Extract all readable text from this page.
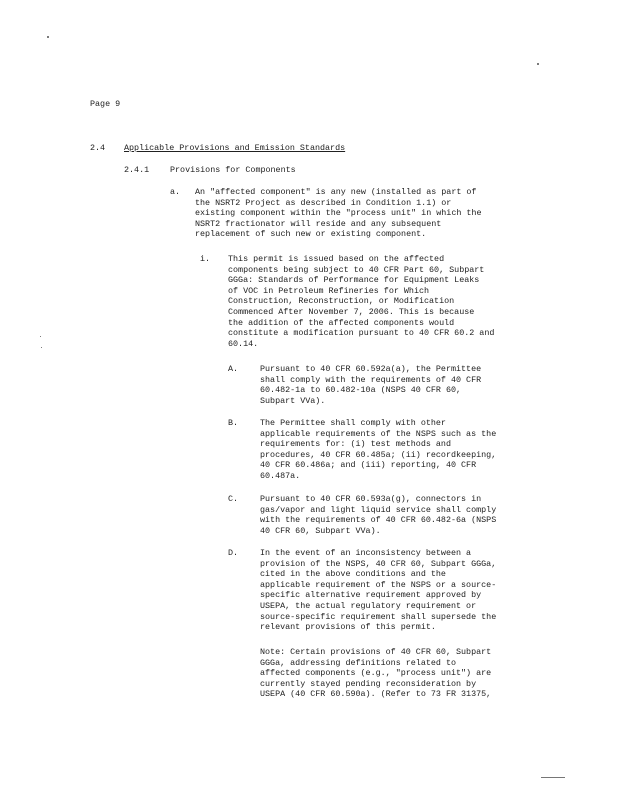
Page 9
2.4 Applicable Provisions and Emission Standards
2.4.1 Provisions for Components
a. An "affected component" is any new (installed as part of
the NSRT2 Project as described in Condition 1.1) or
existing component within the "process unit" in which the
NSRT2 fractionator will reside and any subsequent
replacement of such new or existing component.
i. This permit is issued based on the affected
components being subject to 40 CFR Part 60, Subpart
GGGa: Standards of Performance for Equipment Leaks
of VOC in Petroleum Refineries for Which
Construction, Reconstruction, or Modification
Commenced After November 7, 2006. This is because
the addition of the affected components would
constitute a modification pursuant to 40 CFR 60.2 and
60.14.
A.	Pursuant to 40 CFR 60.592a(a), the Permittee
shall comply with the requirements of 40 CFR
60.482-1a to 60.482-10a (NSPS 40 CFR 60,
Subpart VVa).
B.	The Permittee shall comply with other
applicable requirements of the NSPS such as the
requirements for: (i) test methods and
procedures, 40 CFR 60.485a; (ii) recordkeeping,
40 CFR 60.486a; and (iii) reporting, 40 CFR
60.487a.
C.	Pursuant to 40 CFR 60.593a(g), connectors in
gas/vapor and light liquid service shall comply
with the requirements of 40 CFR 60.482-6a (NSPS
40 CFR 60, Subpart VVa).
D.	In the event of an inconsistency between a
provision of the NSPS, 40 CFR 60, Subpart GGGa,
cited in the above conditions and the
applicable requirement of the NSPS or a source-
specific alternative requirement approved by
USEPA, the actual regulatory requirement or
source-specific requirement shall supersede the
relevant provisions of this permit.
Note: Certain provisions of 40 CFR 60, Subpart
GGGa, addressing definitions related to
affected components (e.g., "process unit") are
currently stayed pending reconsideration by
USEPA (40 CFR 60.590a). (Refer to 73 FR 31375,
